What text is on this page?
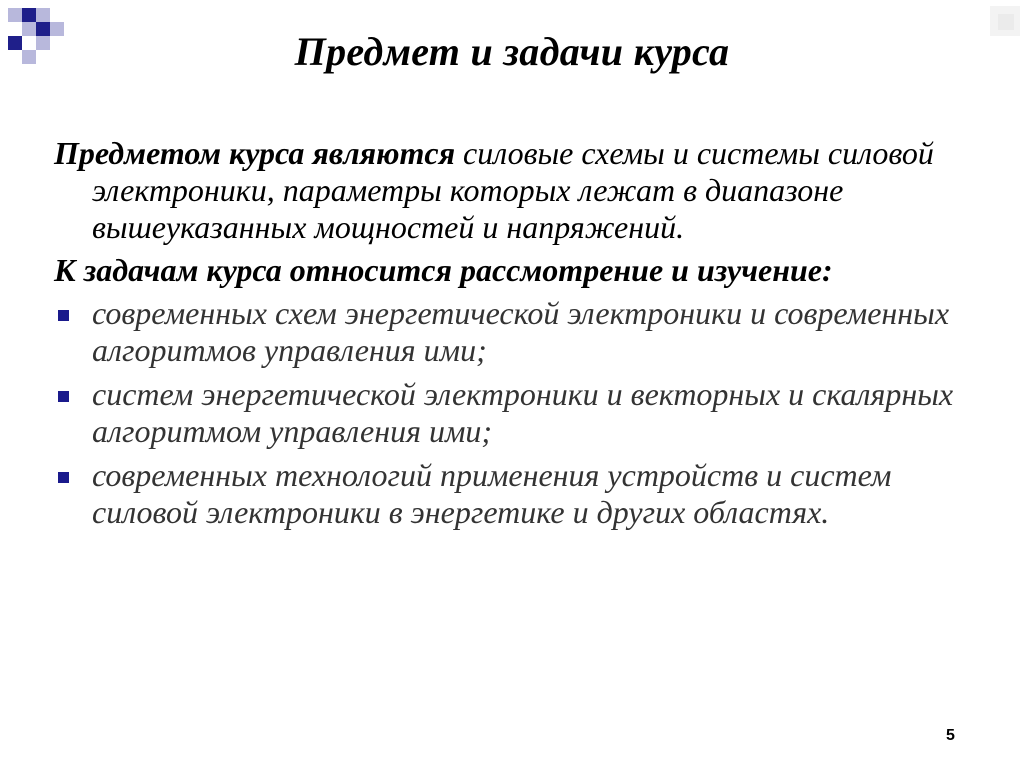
Предмет и задачи курса

Предметом курса являются силовые схемы и системы силовой электроники, параметры которых лежат в диапазоне вышеуказанных мощностей и напряжений.

К задачам курса относится рассмотрение и изучение:

современных схем энергетической электроники и современных алгоритмов управления ими;
систем энергетической электроники и векторных и скалярных алгоритмом управления ими;
современных технологий применения устройств и систем силовой электроники в энергетике и других областях.
5
